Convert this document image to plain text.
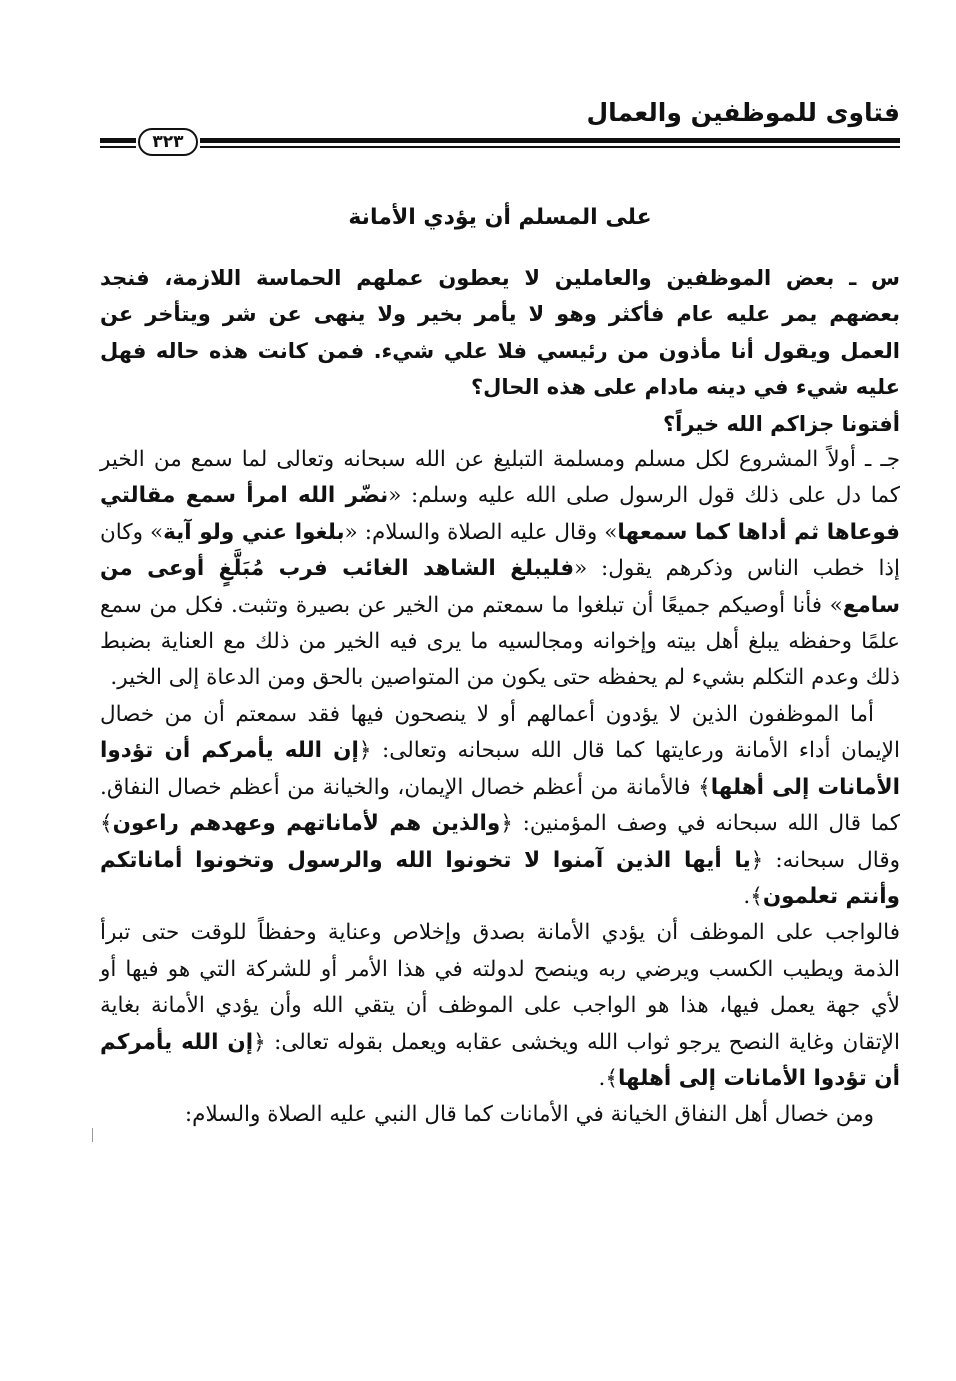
فتاوى للموظفين والعمال
٣٢٣
على المسلم أن يؤدي الأمانة

س ـ بعض الموظفين والعاملين لا يعطون عملهم الحماسة اللازمة، فنجد بعضهم يمر عليه عام فأكثر وهو لا يأمر بخير ولا ينهى عن شر ويتأخر عن العمل ويقول أنا مأذون من رئيسي فلا علي شيء. فمن كانت هذه حاله فهل عليه شيء في دينه مادام على هذه الحال؟
أفتونا جزاكم الله خيراً؟

جـ ـ أولاً المشروع لكل مسلم ومسلمة التبليغ عن الله سبحانه وتعالى لما سمع من الخير كما دل على ذلك قول الرسول صلى الله عليه وسلم: «نضّر الله امرأ سمع مقالتي فوعاها ثم أداها كما سمعها» وقال عليه الصلاة والسلام: «بلغوا عني ولو آية» وكان إذا خطب الناس وذكرهم يقول: «فليبلغ الشاهد الغائب فرب مُبَلَّغٍ أوعى من سامع» فأنا أوصيكم جميعًا أن تبلغوا ما سمعتم من الخير عن بصيرة وتثبت. فكل من سمع علمًا وحفظه يبلغ أهل بيته وإخوانه ومجالسيه ما يرى فيه الخير من ذلك مع العناية بضبط ذلك وعدم التكلم بشيء لم يحفظه حتى يكون من المتواصين بالحق ومن الدعاة إلى الخير.

أما الموظفون الذين لا يؤدون أعمالهم أو لا ينصحون فيها فقد سمعتم أن من خصال الإيمان أداء الأمانة ورعايتها كما قال الله سبحانه وتعالى: ﴿إن الله يأمركم أن تؤدوا الأمانات إلى أهلها﴾ فالأمانة من أعظم خصال الإيمان، والخيانة من أعظم خصال النفاق. كما قال الله سبحانه في وصف المؤمنين: ﴿والذين هم لأماناتهم وعهدهم راعون﴾ وقال سبحانه: ﴿يا أيها الذين آمنوا لا تخونوا الله والرسول وتخونوا أماناتكم وأنتم تعلمون﴾.

فالواجب على الموظف أن يؤدي الأمانة بصدق وإخلاص وعناية وحفظاً للوقت حتى تبرأ الذمة ويطيب الكسب ويرضي ربه وينصح لدولته في هذا الأمر أو للشركة التي هو فيها أو لأي جهة يعمل فيها، هذا هو الواجب على الموظف أن يتقي الله وأن يؤدي الأمانة بغاية الإتقان وغاية النصح يرجو ثواب الله ويخشى عقابه ويعمل بقوله تعالى: ﴿إن الله يأمركم أن تؤدوا الأمانات إلى أهلها﴾.

ومن خصال أهل النفاق الخيانة في الأمانات كما قال النبي عليه الصلاة والسلام:
